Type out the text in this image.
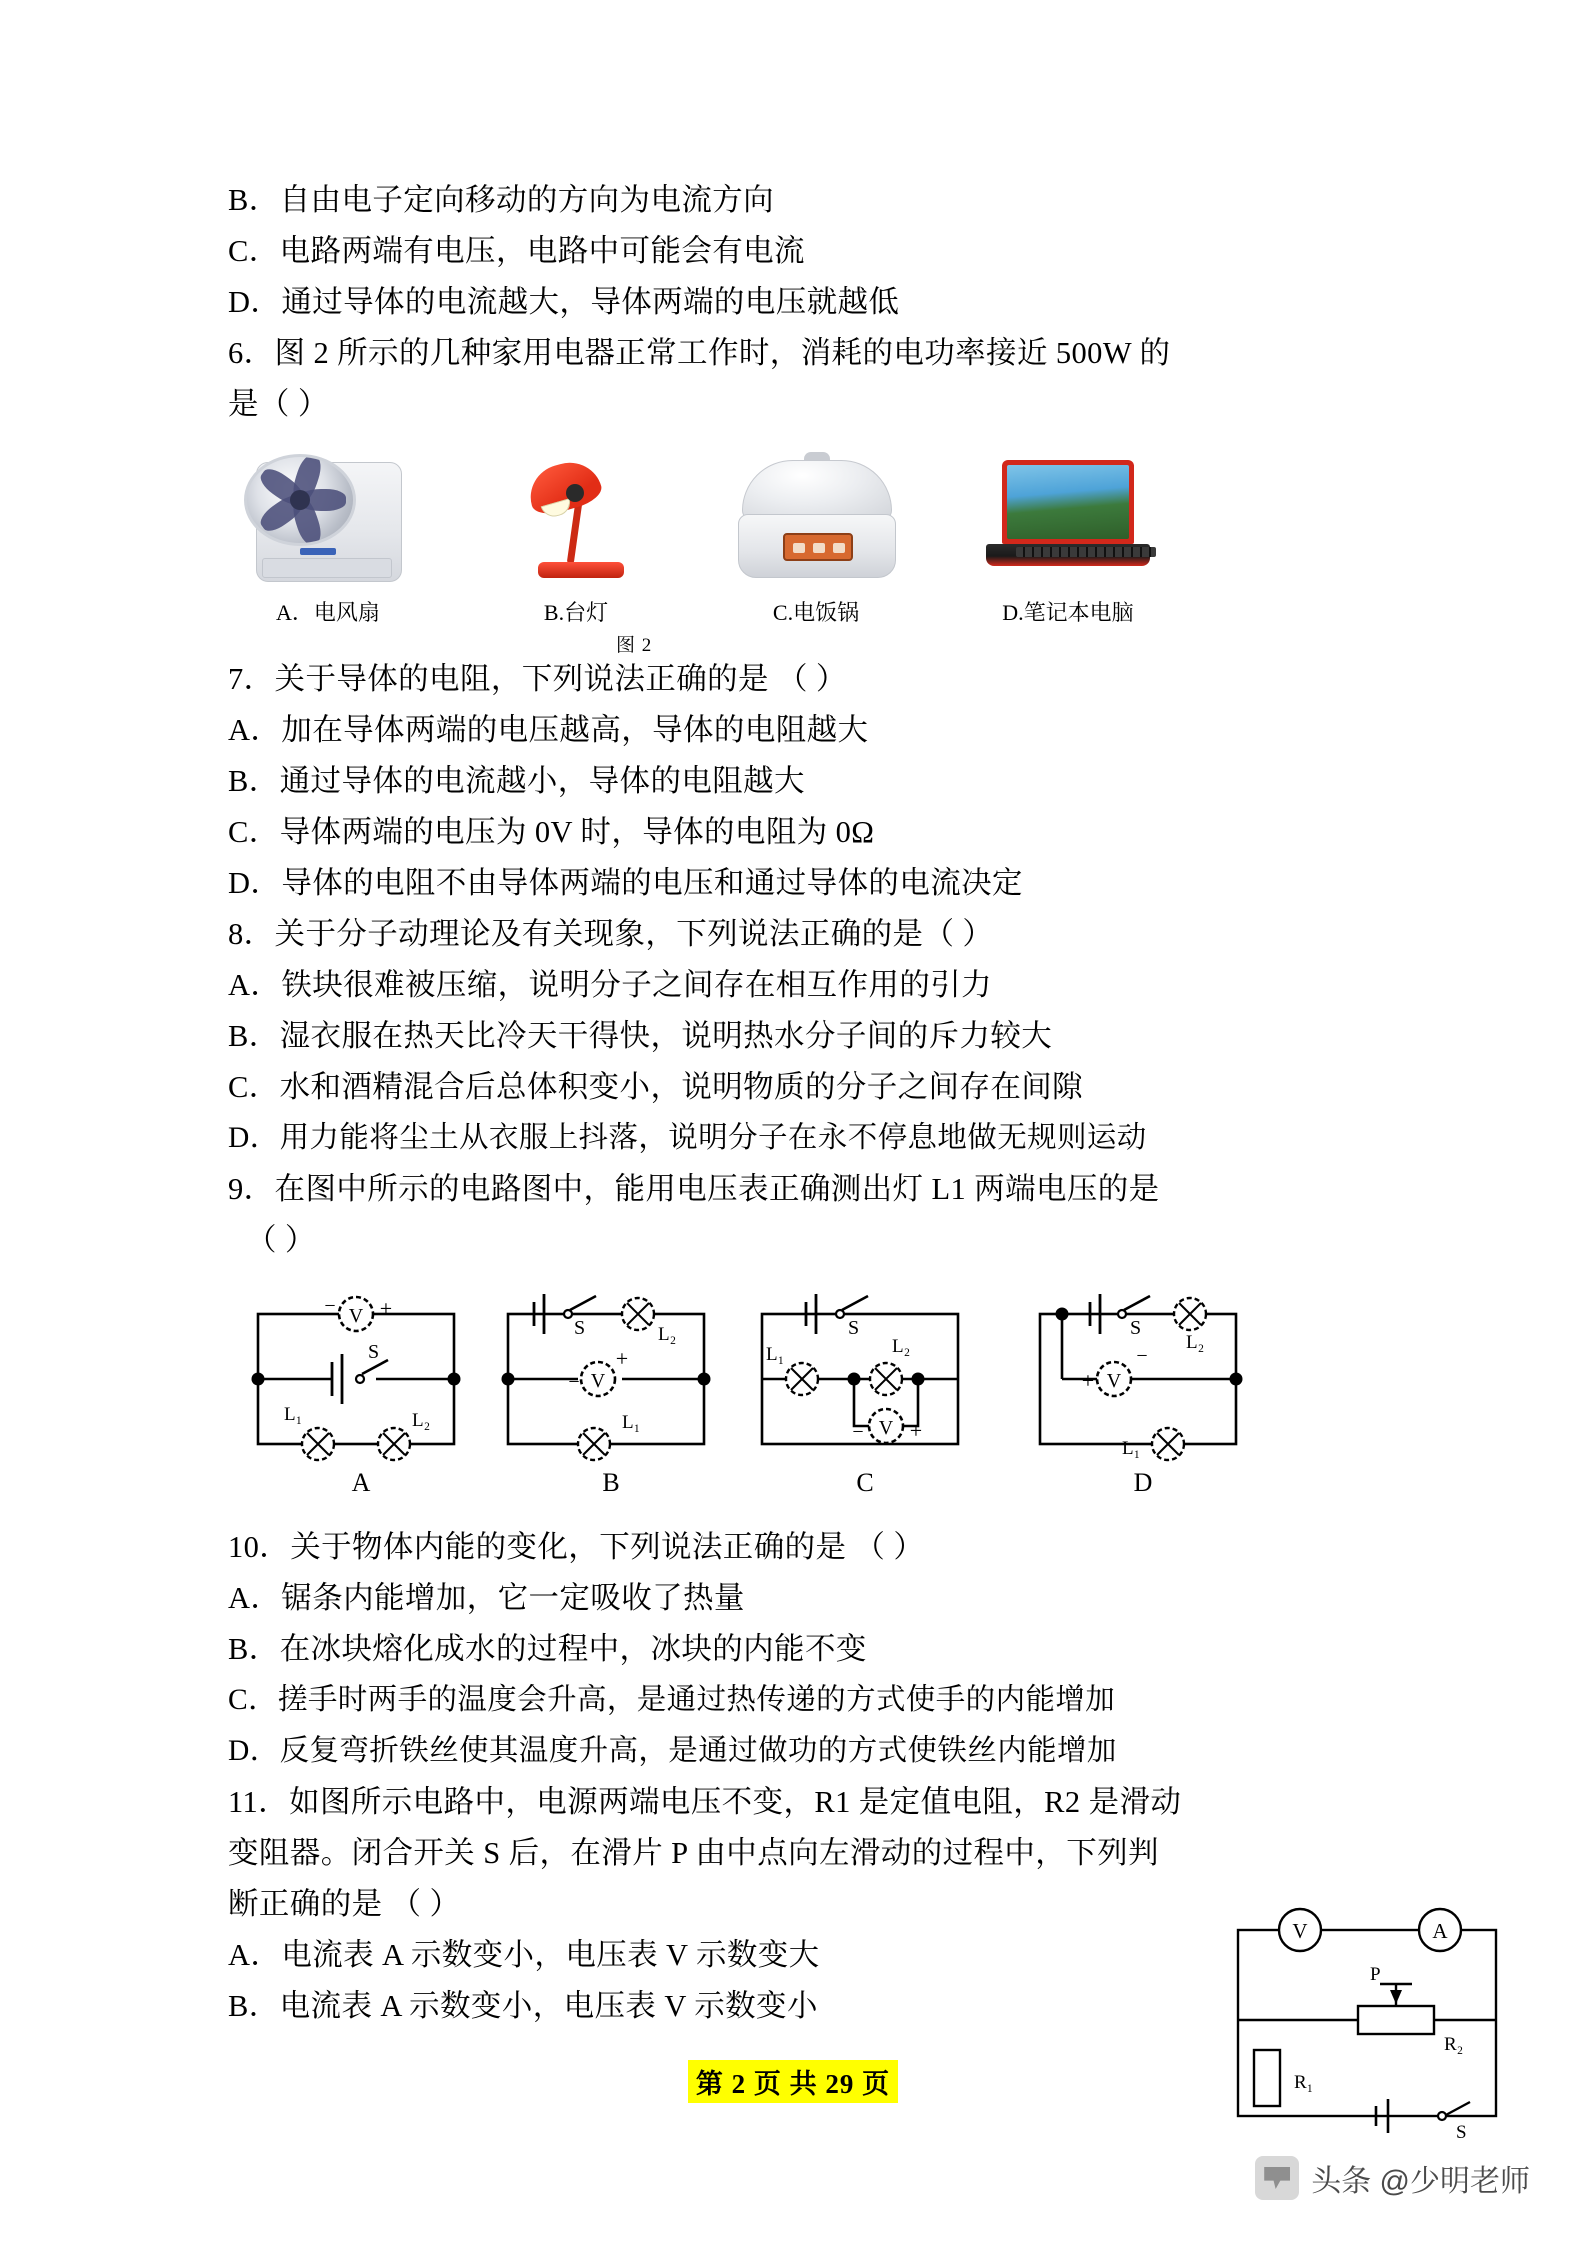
B．自由电子定向移动的方向为电流方向
C．电路两端有电压，电路中可能会有电流
D．通过导体的电流越大，导体两端的电压就越低
6．图 2 所示的几种家用电器正常工作时，消耗的电功率接近 500W 的
是（ ）
A．电风扇	B.台灯	C.电饭锅	D.笔记本电脑
图 2
7．关于导体的电阻，下列说法正确的是 （ ）
A．加在导体两端的电压越高，导体的电阻越大
B．通过导体的电流越小，导体的电阻越大
C．导体两端的电压为 0V 时，导体的电阻为 0Ω
D．导体的电阻不由导体两端的电压和通过导体的电流决定
8．关于分子动理论及有关现象，下列说法正确的是（ ）
A．铁块很难被压缩，说明分子之间存在相互作用的引力
B．湿衣服在热天比冷天干得快，说明热水分子间的斥力较大
C．水和酒精混合后总体积变小，说明物质的分子之间存在间隙
D．用力能将尘土从衣服上抖落，说明分子在永不停息地做无规则运动
9．在图中所示的电路图中，能用电压表正确测出灯 L1 两端电压的是
（ ）
V
− +
S
L₁	L₂
A
S	L₂
V
+
−
L₁
B
S
L₁	L₂
V
− +
C
S
L₂
V
+
−
L₁
D
10．关于物体内能的变化，下列说法正确的是 （ ）
A．锯条内能增加，它一定吸收了热量
B．在冰块熔化成水的过程中，冰块的内能不变
C．搓手时两手的温度会升高，是通过热传递的方式使手的内能增加
D．反复弯折铁丝使其温度升高，是通过做功的方式使铁丝内能增加
11．如图所示电路中，电源两端电压不变，R1 是定值电阻，R2 是滑动
变阻器。闭合开关 S 后，在滑片 P 由中点向左滑动的过程中，下列判
断正确的是 （ ）
A．电流表 A 示数变小，电压表 V 示数变大
B．电流表 A 示数变小，电压表 V 示数变小
V	A
P
R₂
R₁
S
第 2 页 共 29 页
头条 @少明老师
